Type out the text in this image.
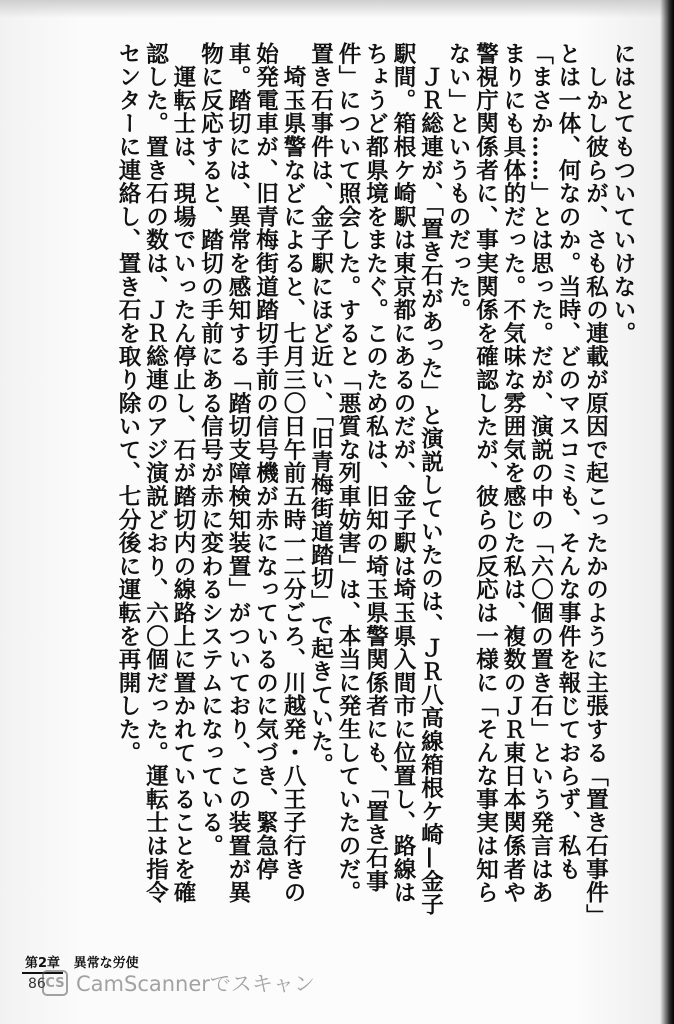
にはとてもついていけない。

　しかし彼らが、さも私の連載が原因で起こったかのように主張する「置き石事件」とは一体、何なのか。当時、どのマスコミも、そんな事件を報じておらず、私も「まさか……」とは思った。だが、演説の中の「六〇個の置き石」という発言はあまりにも具体的だった。不気味な雰囲気を感じた私は、複数のＪＲ東日本関係者や警視庁関係者に、事実関係を確認したが、彼らの反応は一様に「そんな事実は知らない」というものだった。

　ＪＲ総連が、「置き石があった」と演説していたのは、ＪＲ八高線箱根ケ崎—金子駅間。箱根ケ崎駅は東京都にあるのだが、金子駅は埼玉県入間市に位置し、路線はちょうど都県境をまたぐ。このため私は、旧知の埼玉県警関係者にも、「置き石事件」について照会した。すると「悪質な列車妨害」は、本当に発生していたのだ。置き石事件は、金子駅にほど近い、「旧青梅街道踏切」で起きていた。

　埼玉県警などによると、七月三〇日午前五時一二分ごろ、川越発・八王子行きの始発電車が、旧青梅街道踏切手前の信号機が赤になっているのに気づき、緊急停車。踏切には、異常を感知する「踏切支障検知装置」がついており、この装置が異物に反応すると、踏切の手前にある信号が赤に変わるシステムになっている。

　運転士は、現場でいったん停止し、石が踏切内の線路上に置かれていることを確認した。置き石の数は、ＪＲ総連のアジ演説どおり、六〇個だった。運転士は指令センターに連絡し、置き石を取り除いて、七分後に運転を再開した。

第2章 異常な労使
86 CS CamScannerでスキャン
